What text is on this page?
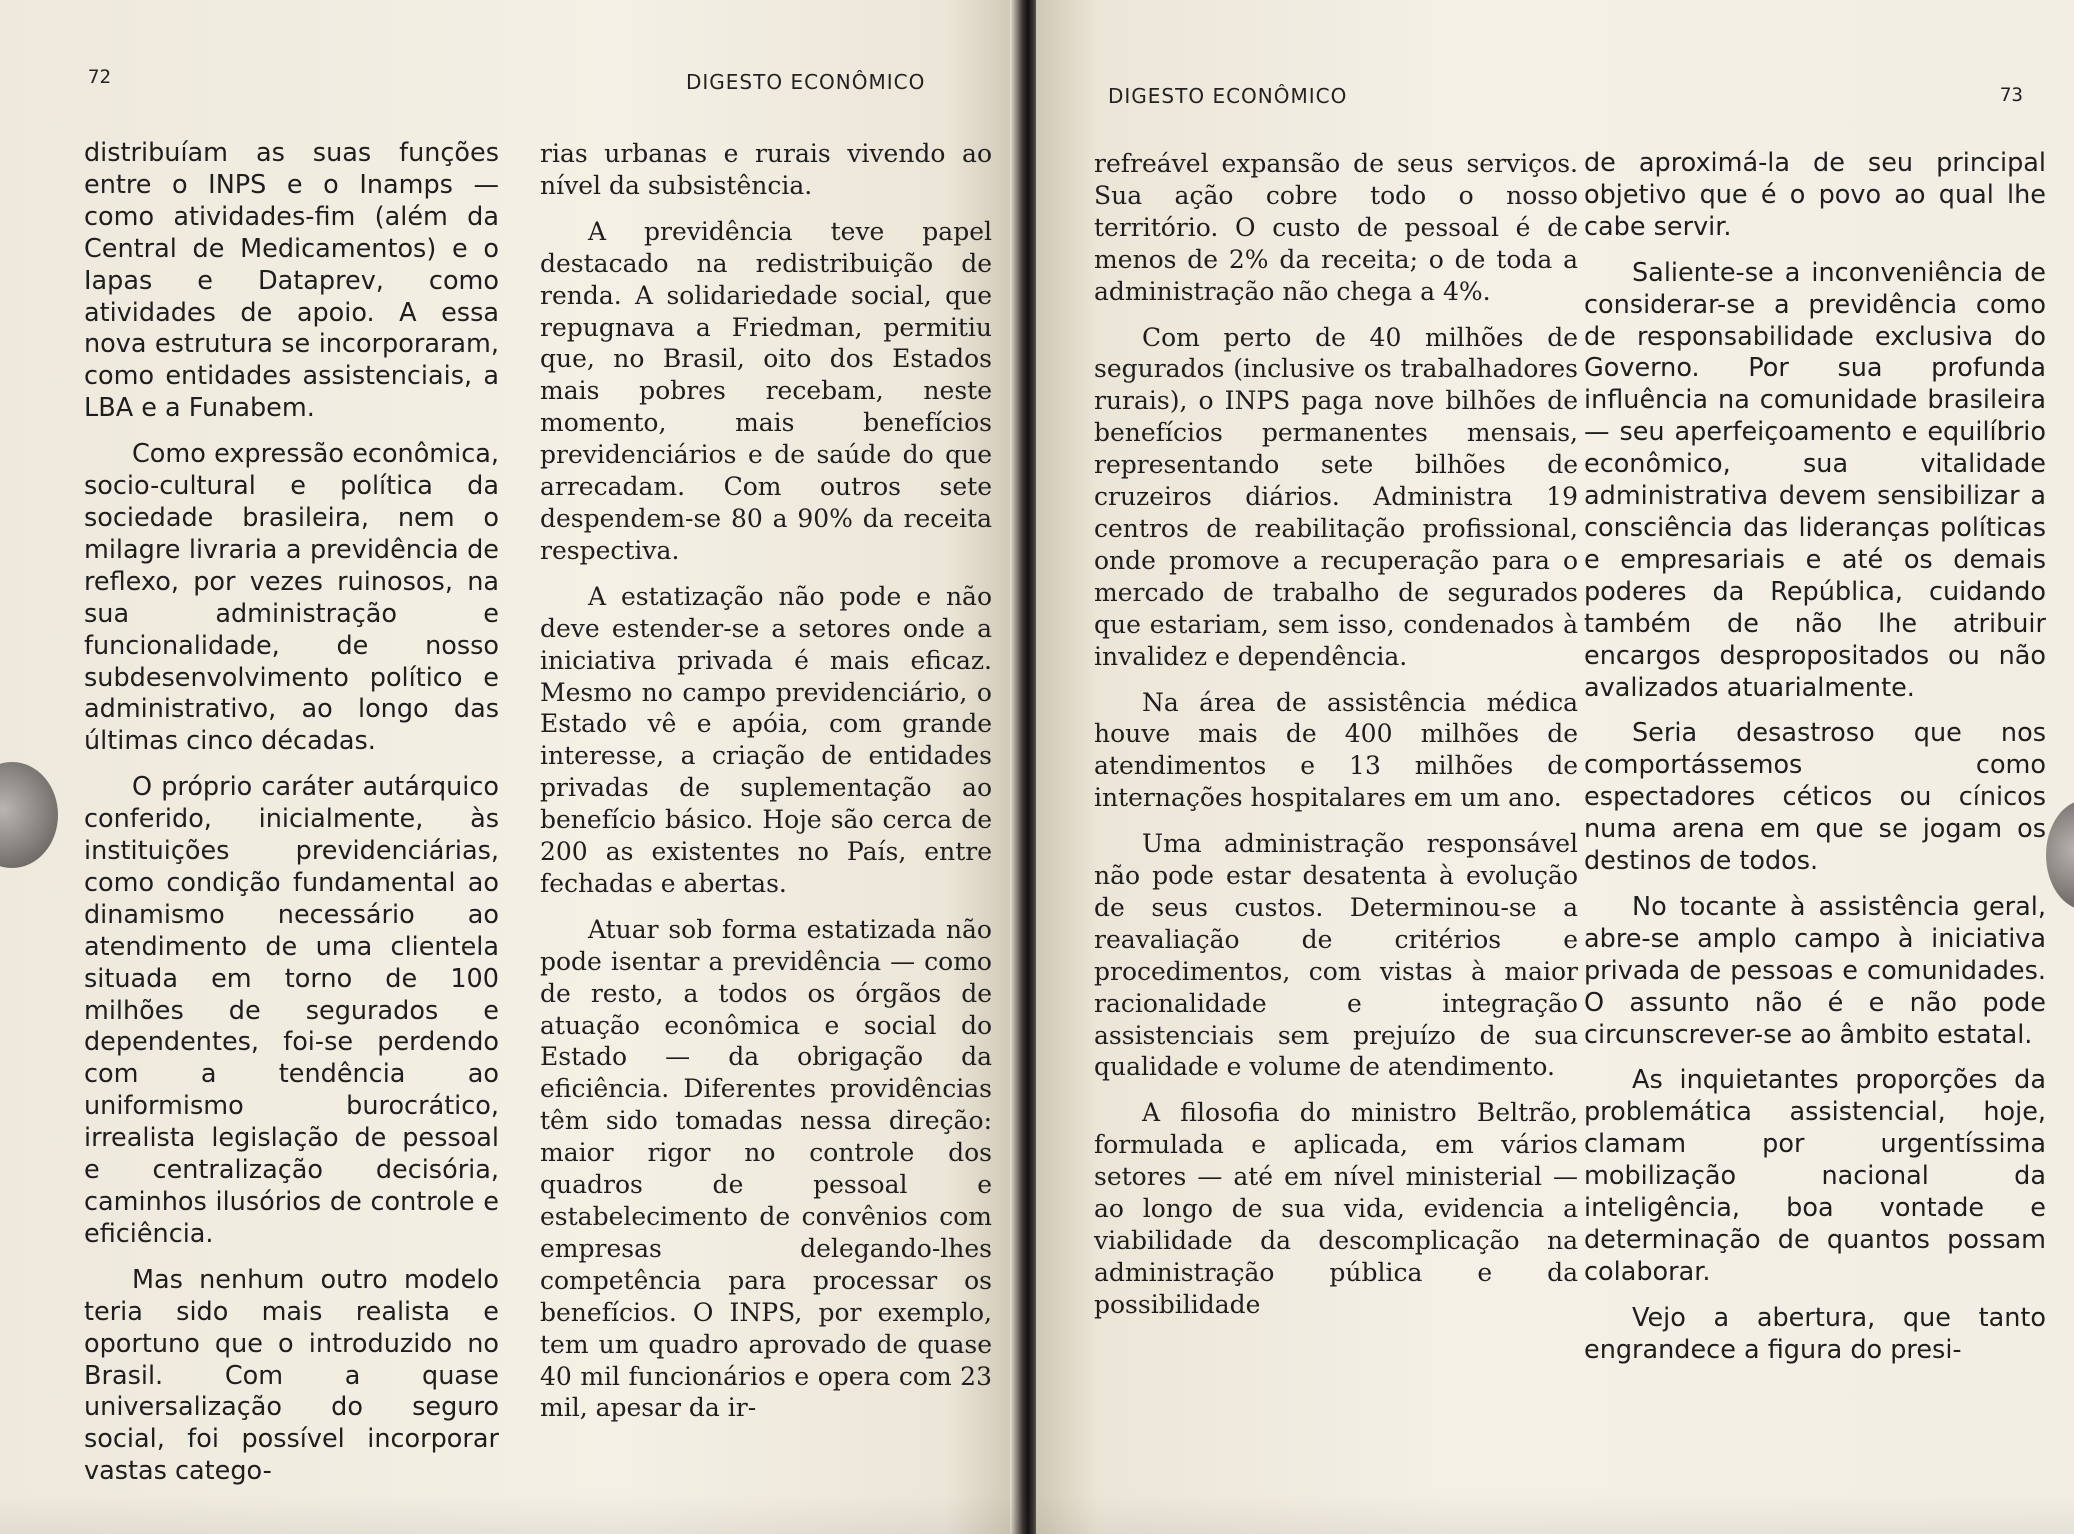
72	DIGESTO ECONÔMICO

distribuíam as suas funções entre o INPS e o Inamps — como atividades-fim (além da Central de Medicamentos) e o Iapas e Dataprev, como atividades de apoio. A essa nova estrutura se incorporaram, como entidades assistenciais, a LBA e a Funabem.

Como expressão econômica, socio-cultural e política da sociedade brasileira, nem o milagre livraria a previdência de reflexo, por vezes ruinosos, na sua administração e funcionalidade, de nosso subdesenvolvimento político e administrativo, ao longo das últimas cinco décadas.

O próprio caráter autárquico conferido, inicialmente, às instituições previdenciárias, como condição fundamental ao dinamismo necessário ao atendimento de uma clientela situada em torno de 100 milhões de segurados e dependentes, foi-se perdendo com a tendência ao uniformismo burocrático, irrealista legislação de pessoal e centralização decisória, caminhos ilusórios de controle e eficiência.

Mas nenhum outro modelo teria sido mais realista e oportuno que o introduzido no Brasil. Com a quase universalização do seguro social, foi possível incorporar vastas catego-

rias urbanas e rurais vivendo ao nível da subsistência.

A previdência teve papel destacado na redistribuição de renda. A solidariedade social, que repugnava a Friedman, permitiu que, no Brasil, oito dos Estados mais pobres recebam, neste momento, mais benefícios previdenciários e de saúde do que arrecadam. Com outros sete despendem-se 80 a 90% da receita respectiva.

A estatização não pode e não deve estender-se a setores onde a iniciativa privada é mais eficaz. Mesmo no campo previdenciário, o Estado vê e apóia, com grande interesse, a criação de entidades privadas de suplementação ao benefício básico. Hoje são cerca de 200 as existentes no País, entre fechadas e abertas.

Atuar sob forma estatizada não pode isentar a previdência — como de resto, a todos os órgãos de atuação econômica e social do Estado — da obrigação da eficiência. Diferentes providências têm sido tomadas nessa direção: maior rigor no controle dos quadros de pessoal e estabelecimento de convênios com empresas delegando-lhes competência para processar os benefícios. O INPS, por exemplo, tem um quadro aprovado de quase 40 mil funcionários e opera com 23 mil, apesar da ir-

DIGESTO ECONÔMICO	73

refreável expansão de seus serviços. Sua ação cobre todo o nosso território. O custo de pessoal é de menos de 2% da receita; o de toda a administração não chega a 4%.

Com perto de 40 milhões de segurados (inclusive os trabalhadores rurais), o INPS paga nove bilhões de benefícios permanentes mensais, representando sete bilhões de cruzeiros diários. Administra 19 centros de reabilitação profissional, onde promove a recuperação para o mercado de trabalho de segurados que estariam, sem isso, condenados à invalidez e dependência.

Na área de assistência médica houve mais de 400 milhões de atendimentos e 13 milhões de internações hospitalares em um ano.

Uma administração responsável não pode estar desatenta à evolução de seus custos. Determinou-se a reavaliação de critérios e procedimentos, com vistas à maior racionalidade e integração assistenciais sem prejuízo de sua qualidade e volume de atendimento.

A filosofia do ministro Beltrão, formulada e aplicada, em vários setores — até em nível ministerial — ao longo de sua vida, evidencia a viabilidade da descomplicação na administração pública e da possibilidade

de aproximá-la de seu principal objetivo que é o povo ao qual lhe cabe servir.

Saliente-se a inconveniência de considerar-se a previdência como de responsabilidade exclusiva do Governo. Por sua profunda influência na comunidade brasileira — seu aperfeiçoamento e equilíbrio econômico, sua vitalidade administrativa devem sensibilizar a consciência das lideranças políticas e empresariais e até os demais poderes da República, cuidando também de não lhe atribuir encargos despropositados ou não avalizados atuarialmente.

Seria desastroso que nos comportássemos como espectadores céticos ou cínicos numa arena em que se jogam os destinos de todos.

No tocante à assistência geral, abre-se amplo campo à iniciativa privada de pessoas e comunidades. O assunto não é e não pode circunscrever-se ao âmbito estatal.

As inquietantes proporções da problemática assistencial, hoje, clamam por urgentíssima mobilização nacional da inteligência, boa vontade e determinação de quantos possam colaborar.

Vejo a abertura, que tanto engrandece a figura do presi-
